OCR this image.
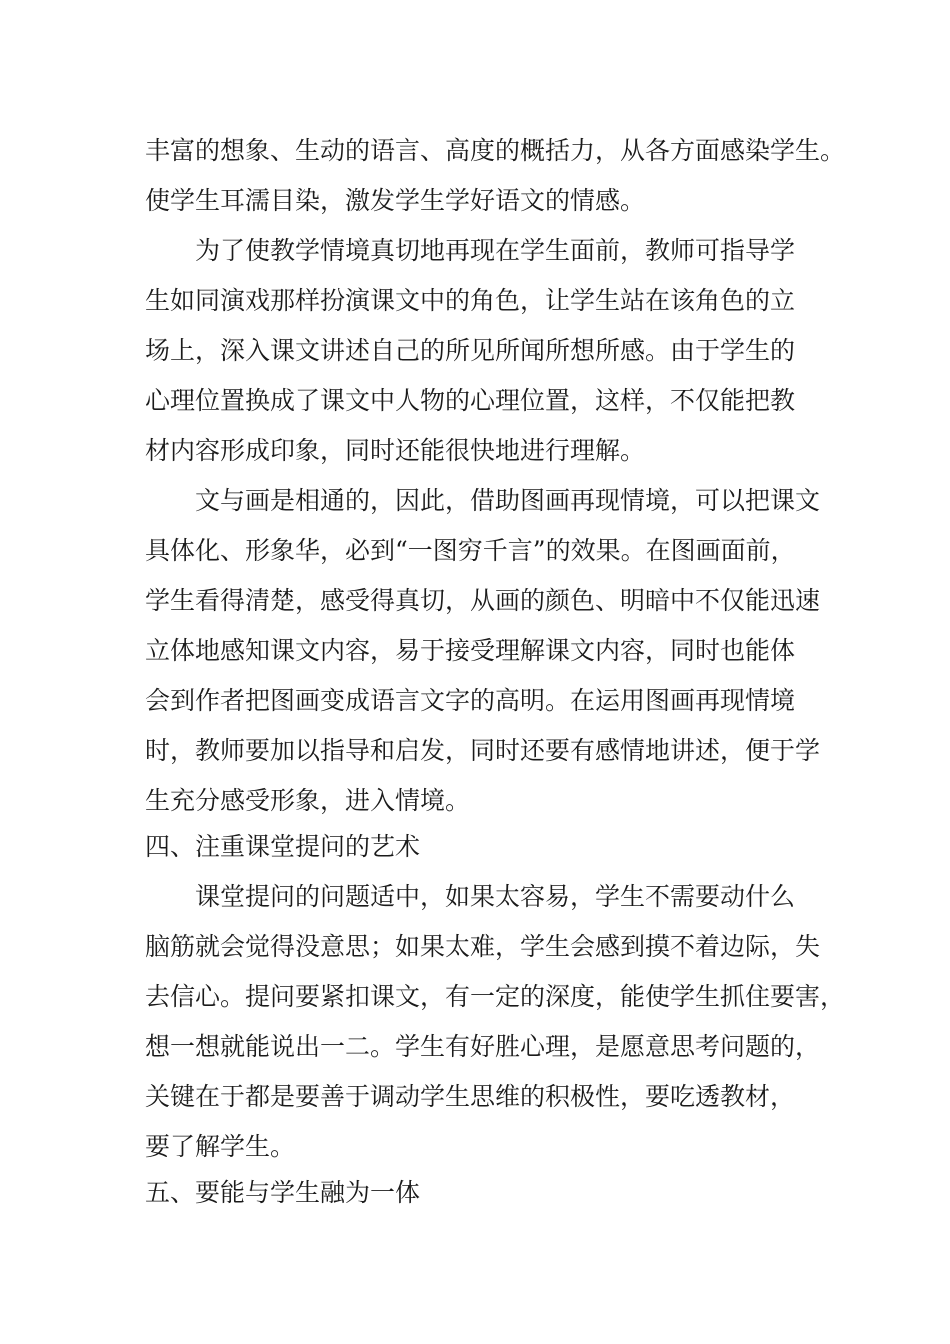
丰富的想象、生动的语言、高度的概括力，从各方面感染学生。
使学生耳濡目染，激发学生学好语文的情感。
为了使教学情境真切地再现在学生面前，教师可指导学
生如同演戏那样扮演课文中的角色，让学生站在该角色的立
场上，深入课文讲述自己的所见所闻所想所感。由于学生的
心理位置换成了课文中人物的心理位置，这样，不仅能把教
材内容形成印象，同时还能很快地进行理解。
文与画是相通的，因此，借助图画再现情境，可以把课文
具体化、形象华，必到“一图穷千言”的效果。在图画面前，
学生看得清楚，感受得真切，从画的颜色、明暗中不仅能迅速
立体地感知课文内容，易于接受理解课文内容，同时也能体
会到作者把图画变成语言文字的高明。在运用图画再现情境
时，教师要加以指导和启发，同时还要有感情地讲述，便于学
生充分感受形象，进入情境。
四、注重课堂提问的艺术
课堂提问的问题适中，如果太容易，学生不需要动什么
脑筋就会觉得没意思；如果太难，学生会感到摸不着边际，失
去信心。提问要紧扣课文，有一定的深度，能使学生抓住要害，
想一想就能说出一二。学生有好胜心理，是愿意思考问题的，
关键在于都是要善于调动学生思维的积极性，要吃透教材，
要了解学生。
五、要能与学生融为一体
